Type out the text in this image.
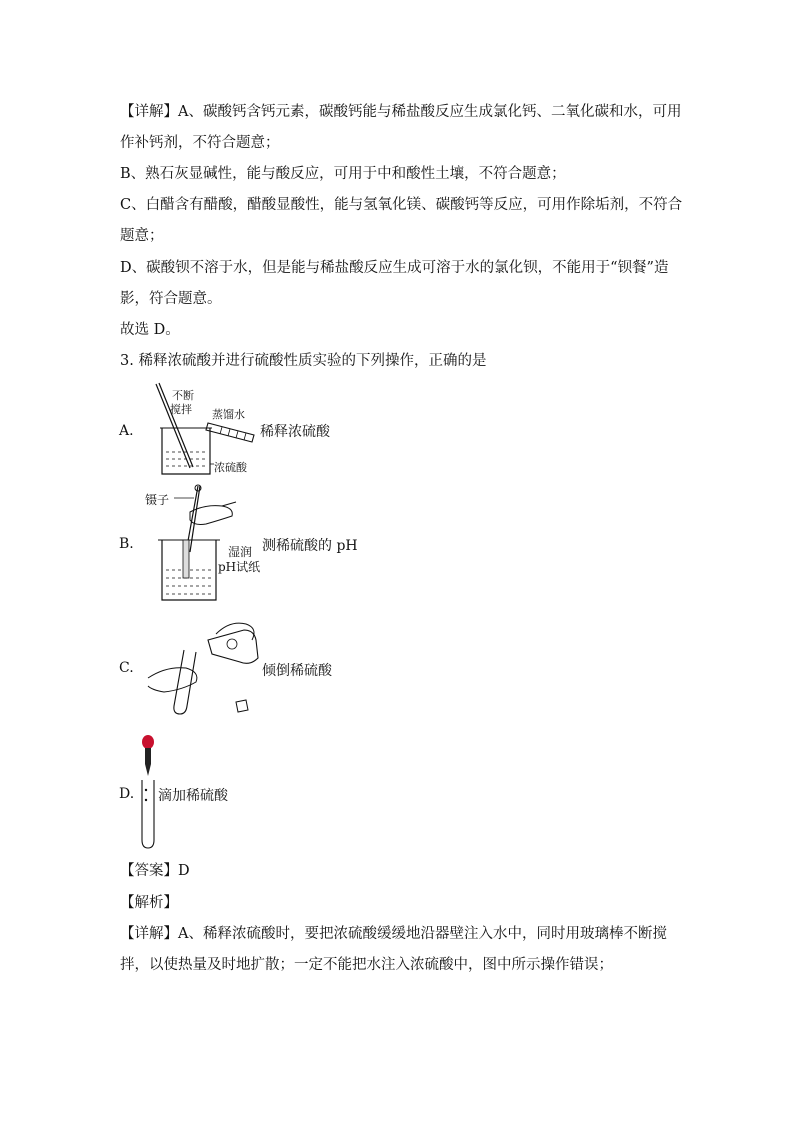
【详解】A、碳酸钙含钙元素，碳酸钙能与稀盐酸反应生成氯化钙、二氧化碳和水，可用
作补钙剂，不符合题意；
B、熟石灰显碱性，能与酸反应，可用于中和酸性土壤，不符合题意；
C、白醋含有醋酸，醋酸显酸性，能与氢氧化镁、碳酸钙等反应，可用作除垢剂，不符合
题意；
D、碳酸钡不溶于水，但是能与稀盐酸反应生成可溶于水的氯化钡，不能用于“钡餐”造
影，符合题意。
故选 D。
3. 稀释浓硫酸并进行硫酸性质实验的下列操作，正确的是
A.
不断
搅拌 蒸馏水
浓硫酸
稀释浓硫酸
B.
镊子
湿润
pH试纸
测稀硫酸的 pH
C.	倾倒稀硫酸
D. 滴加稀硫酸
【答案】D
【解析】
【详解】A、稀释浓硫酸时，要把浓硫酸缓缓地沿器壁注入水中，同时用玻璃棒不断搅
拌，以使热量及时地扩散；一定不能把水注入浓硫酸中，图中所示操作错误；
